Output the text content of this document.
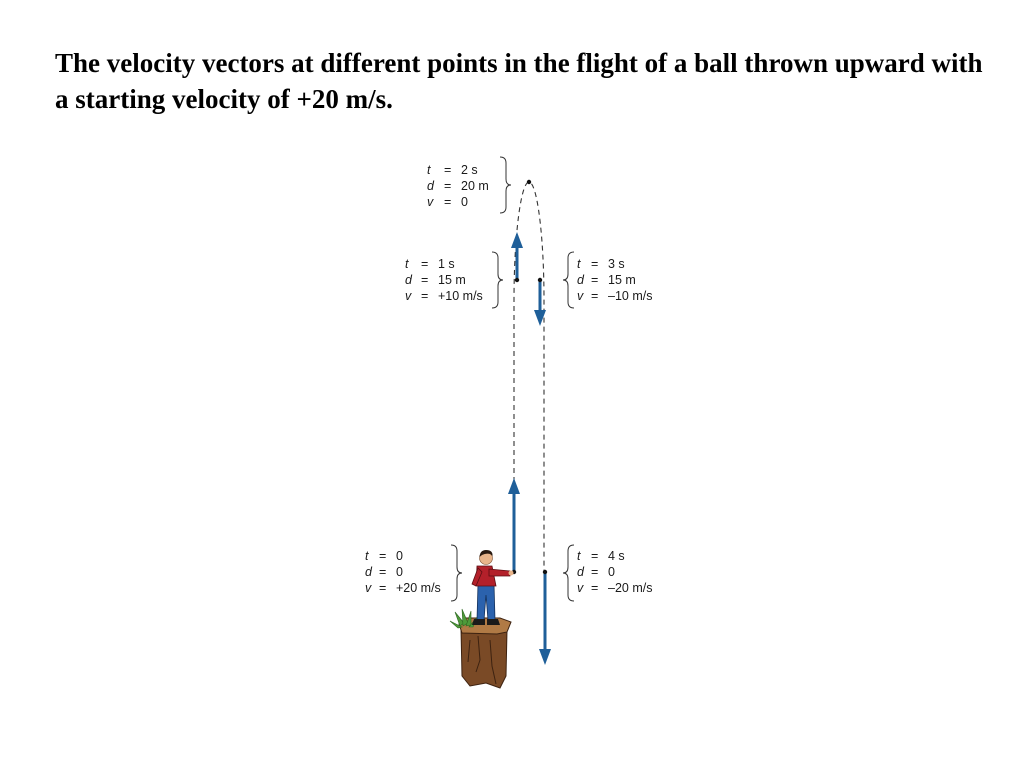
The velocity vectors at different points in the flight of a ball thrown upward with a starting velocity of +20 m/s.
t = 2 s
d = 20 m
v = 0
t = 1 s
d = 15 m
v = +10 m/s
t = 3 s
d = 15 m
v = –10 m/s
t = 0
d = 0
v = +20 m/s
t = 4 s
d = 0
v = –20 m/s
